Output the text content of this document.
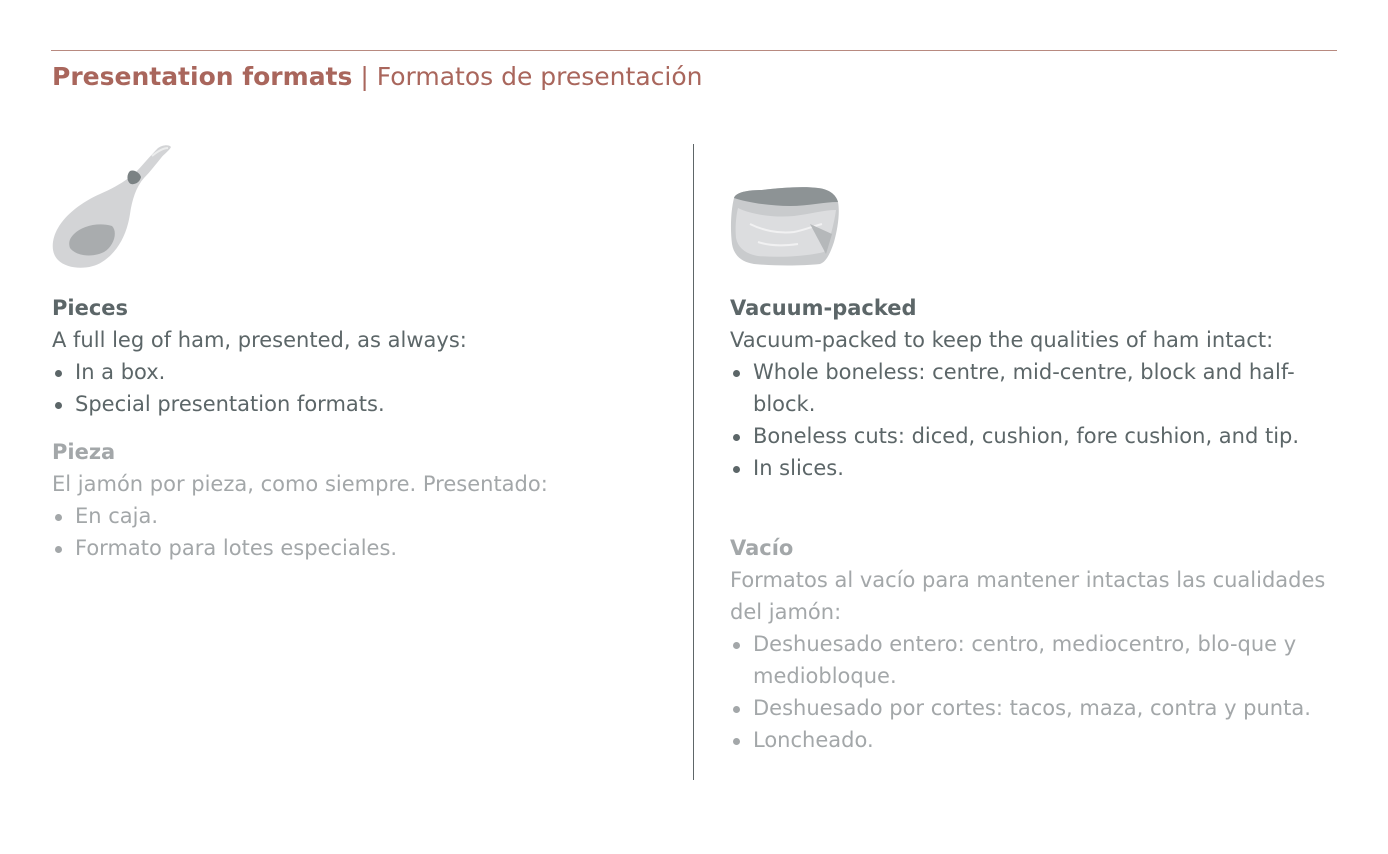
Presentation formats | Formatos de presentación

Pieces

A full leg of ham, presented, as always:

In a box.
Special presentation formats.

Pieza

El jamón por pieza, como siempre. Presentado:

En caja.
Formato para lotes especiales.

Vacuum-packed

Vacuum-packed to keep the qualities of ham intact:

Whole boneless: centre, mid-centre, block and half-block.
Boneless cuts: diced, cushion, fore cushion, and tip.
In slices.

Vacío

Formatos al vacío para mantener intactas las cualidades del jamón:

Deshuesado entero: centro, mediocentro, blo-que y mediobloque.
Deshuesado por cortes: tacos, maza, contra y punta.
Loncheado.
